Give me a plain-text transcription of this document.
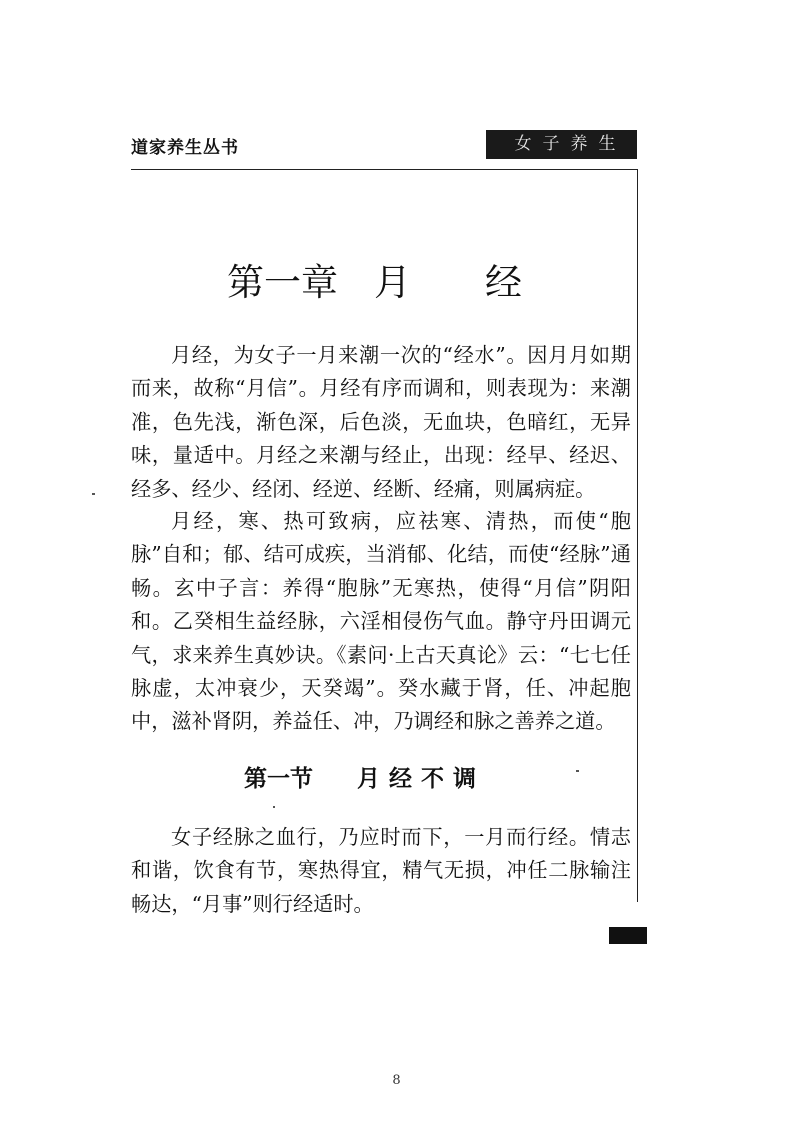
道家养生丛书	女子养生
第一章 月 经

月经，为女子一月来潮一次的“经水”。因月月如期而来，故称“月信”。月经有序而调和，则表现为：来潮准，色先浅，渐色深，后色淡，无血块，色暗红，无异味，量适中。月经之来潮与经止，出现：经早、经迟、经多、经少、经闭、经逆、经断、经痛，则属病症。

月经，寒、热可致病，应祛寒、清热，而使“胞脉”自和；郁、结可成疾，当消郁、化结，而使“经脉”通畅。玄中子言：养得“胞脉”无寒热，使得“月信”阴阳和。乙癸相生益经脉，六淫相侵伤气血。静守丹田调元气，求来养生真妙诀。《素问·上古天真论》云：“七七任脉虚，太冲衰少，天癸竭”。癸水藏于肾，任、冲起胞中，滋补肾阴，养益任、冲，乃调经和脉之善养之道。

第一节 月经不调

女子经脉之血行，乃应时而下，一月而行经。情志和谐，饮食有节，寒热得宜，精气无损，冲任二脉输注畅达，“月事”则行经适时。

8
